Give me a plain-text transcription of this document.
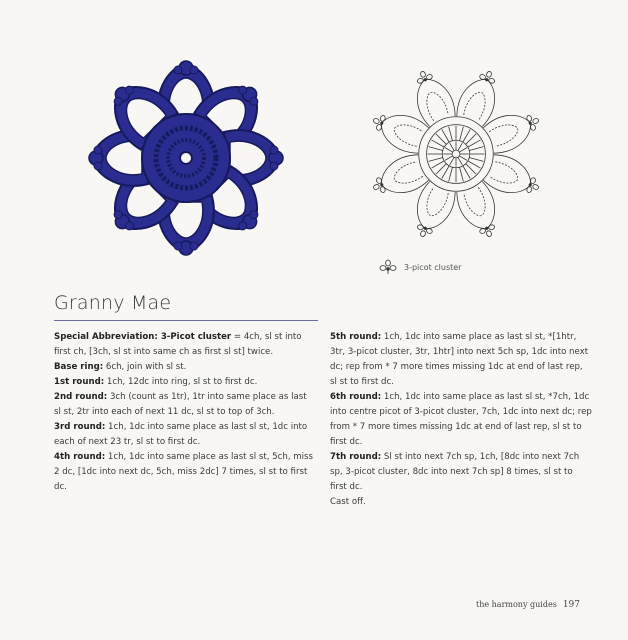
3-picot cluster
Granny Mae

Special Abbreviation: 3-Picot cluster = 4ch, sl st into first ch, [3ch, sl st into same ch as first sl st] twice.

Base ring: 6ch, join with sl st.

1st round: 1ch, 12dc into ring, sl st to first dc.

2nd round: 3ch (count as 1tr), 1tr into same place as last sl st, 2tr into each of next 11 dc, sl st to top of 3ch.

3rd round: 1ch, 1dc into same place as last sl st, 1dc into each of next 23 tr, sl st to first dc.

4th round: 1ch, 1dc into same place as last sl st, 5ch, miss 2 dc, [1dc into next dc, 5ch, miss 2dc] 7 times, sl st to first dc.

5th round: 1ch, 1dc into same place as last sl st, *[1htr, 3tr, 3-picot cluster, 3tr, 1htr] into next 5ch sp, 1dc into next dc; rep from * 7 more times missing 1dc at end of last rep, sl st to first dc.

6th round: 1ch, 1dc into same place as last sl st, *7ch, 1dc into centre picot of 3-picot cluster, 7ch, 1dc into next dc; rep from * 7 more times missing 1dc at end of last rep, sl st to first dc.

7th round: Sl st into next 7ch sp, 1ch, [8dc into next 7ch sp, 3-picot cluster, 8dc into next 7ch sp] 8 times, sl st to first dc.

Cast off.

the harmony guides 197
